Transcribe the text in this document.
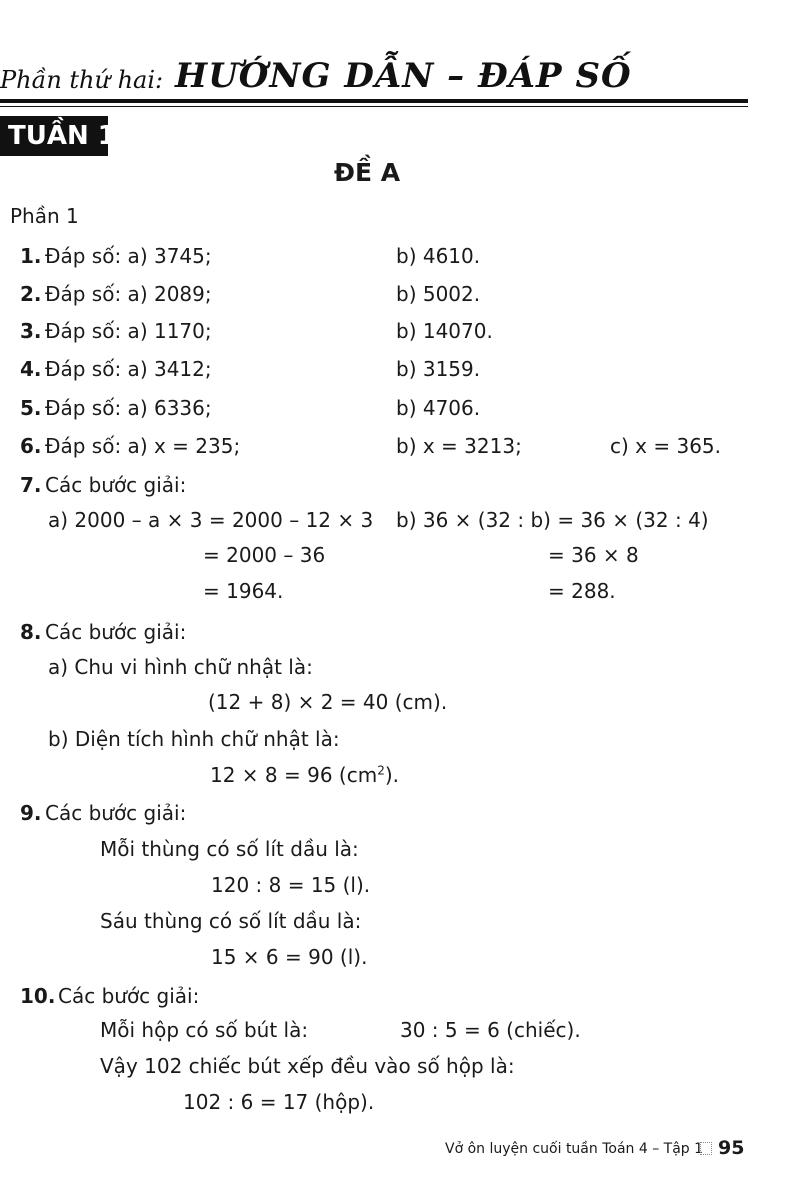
Phần thứ hai: HƯỚNG DẪN – ĐÁP SỐ
TUẦN 1
ĐỀ A
Phần 1
1. Đáp số: a) 3745;	b) 4610.
2. Đáp số: a) 2089;	b) 5002.
3. Đáp số: a) 1170;	b) 14070.
4. Đáp số: a) 3412;	b) 3159.
5. Đáp số: a) 6336;	b) 4706.
6. Đáp số: a) x = 235;	b) x = 3213;	c) x = 365.
7. Các bước giải:
a) 2000 – a × 3 = 2000 – 12 × 3
= 2000 – 36
= 1964.
b) 36 × (32 : b) = 36 × (32 : 4)
= 36 × 8
= 288.
8. Các bước giải:
a) Chu vi hình chữ nhật là:
(12 + 8) × 2 = 40 (cm).
b) Diện tích hình chữ nhật là:
12 × 8 = 96 $(cm^2)$.
9. Các bước giải:
Mỗi thùng có số lít dầu là:
120 : 8 = 15 (l).
Sáu thùng có số lít dầu là:
15 × 6 = 90 (l).
10. Các bước giải:
Mỗi hộp có số bút là:	30 : 5 = 6 (chiếc).
Vậy 102 chiếc bút xếp đều vào số hộp là:
102 : 6 = 17 (hộp).
Vở ôn luyện cuối tuần Toán 4 – Tập 1 95
